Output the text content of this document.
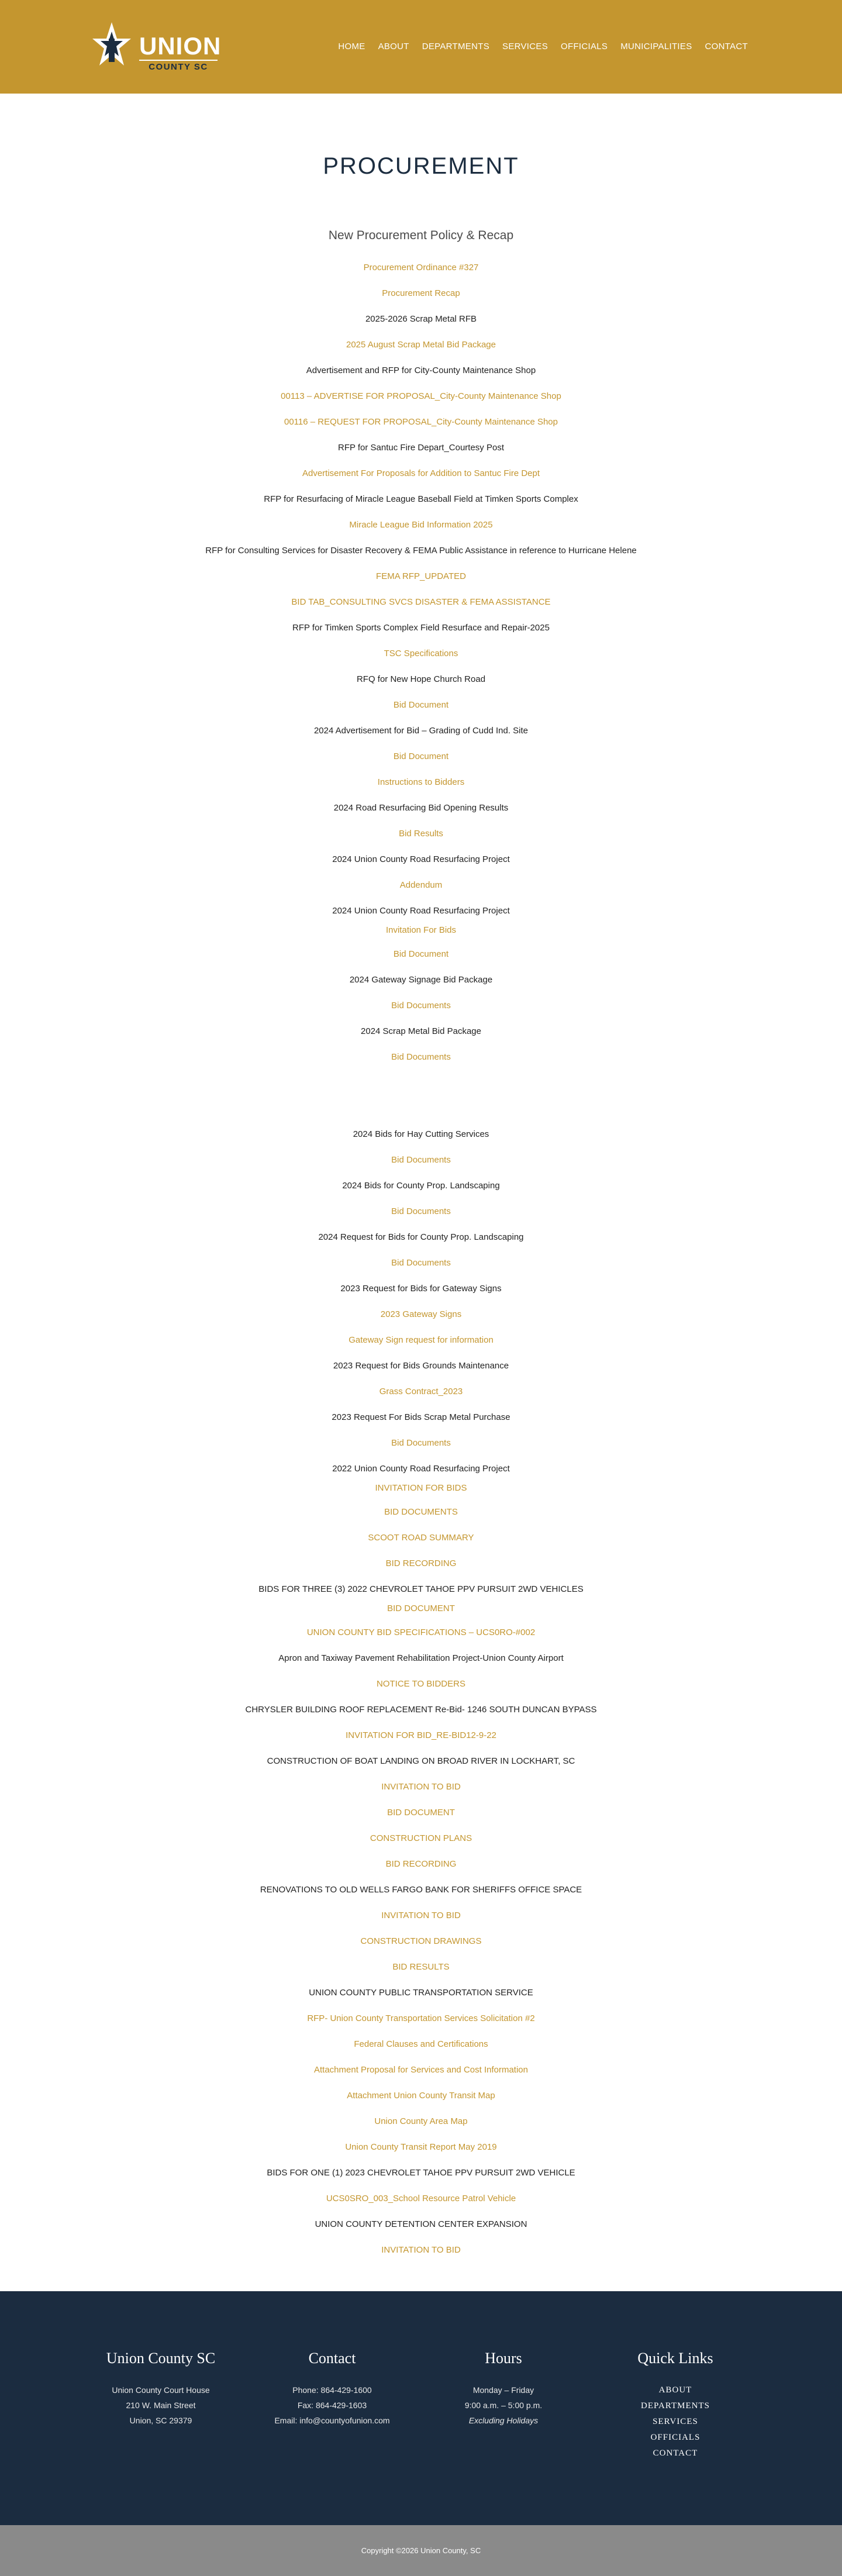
UNION
COUNTY SC
HOME	ABOUT	DEPARTMENTS	SERVICES	OFFICIALS	MUNICIPALITIES	CONTACT
PROCUREMENT
New Procurement Policy & Recap
Procurement Ordinance #327
Procurement Recap
2025-2026 Scrap Metal RFB
2025 August Scrap Metal Bid Package
Advertisement and RFP for City-County Maintenance Shop
00113 – ADVERTISE FOR PROPOSAL_City-County Maintenance Shop
00116 – REQUEST FOR PROPOSAL_City-County Maintenance Shop
RFP for Santuc Fire Depart_Courtesy Post
Advertisement For Proposals for Addition to Santuc Fire Dept
RFP for Resurfacing of Miracle League Baseball Field at Timken Sports Complex
Miracle League Bid Information 2025
RFP for Consulting Services for Disaster Recovery & FEMA Public Assistance in reference to Hurricane Helene
FEMA RFP_UPDATED
BID TAB_CONSULTING SVCS DISASTER & FEMA ASSISTANCE
RFP for Timken Sports Complex Field Resurface and Repair-2025
TSC Specifications
RFQ for New Hope Church Road
Bid Document
2024 Advertisement for Bid – Grading of Cudd Ind. Site
Bid Document
Instructions to Bidders
2024 Road Resurfacing Bid Opening Results
Bid Results
2024 Union County Road Resurfacing Project
Addendum
2024 Union County Road Resurfacing Project
Invitation For Bids
Bid Document
2024 Gateway Signage Bid Package
Bid Documents
2024 Scrap Metal Bid Package
Bid Documents
2024 Bids for Hay Cutting Services
Bid Documents
2024 Bids for County Prop. Landscaping
Bid Documents
2024 Request for Bids for County Prop. Landscaping
Bid Documents
2023 Request for Bids for Gateway Signs
2023 Gateway Signs
Gateway Sign request for information
2023 Request for Bids Grounds Maintenance
Grass Contract_2023
2023 Request For Bids Scrap Metal Purchase
Bid Documents
2022 Union County Road Resurfacing Project
INVITATION FOR BIDS
BID DOCUMENTS
SCOOT ROAD SUMMARY
BID RECORDING
BIDS FOR THREE (3) 2022 CHEVROLET TAHOE PPV PURSUIT 2WD VEHICLES
BID DOCUMENT
UNION COUNTY BID SPECIFICATIONS – UCS0RO-#002
Apron and Taxiway Pavement Rehabilitation Project-Union County Airport
NOTICE TO BIDDERS
CHRYSLER BUILDING ROOF REPLACEMENT Re-Bid- 1246 SOUTH DUNCAN BYPASS
INVITATION FOR BID_RE-BID12-9-22
CONSTRUCTION OF BOAT LANDING ON BROAD RIVER IN LOCKHART, SC
INVITATION TO BID
BID DOCUMENT
CONSTRUCTION PLANS
BID RECORDING
RENOVATIONS TO OLD WELLS FARGO BANK FOR SHERIFFS OFFICE SPACE
INVITATION TO BID
CONSTRUCTION DRAWINGS
BID RESULTS
UNION COUNTY PUBLIC TRANSPORTATION SERVICE
RFP- Union County Transportation Services Solicitation #2
Federal Clauses and Certifications
Attachment Proposal for Services and Cost Information
Attachment Union County Transit Map
Union County Area Map
Union County Transit Report May 2019
BIDS FOR ONE (1) 2023 CHEVROLET TAHOE PPV PURSUIT 2WD VEHICLE
UCS0SRO_003_School Resource Patrol Vehicle
UNION COUNTY DETENTION CENTER EXPANSION
INVITATION TO BID
Union County SC

Union County Court House

210 W. Main Street

Union, SC 29379

Contact

Phone: 864-429-1600

Fax: 864-429-1603

Email: info@countyofunion.com

Hours

Monday – Friday

9:00 a.m. – 5:00 p.m.

Excluding Holidays

Quick Links
ABOUT
DEPARTMENTS
SERVICES
OFFICIALS
CONTACT
Copyright ©2026 Union County, SC
